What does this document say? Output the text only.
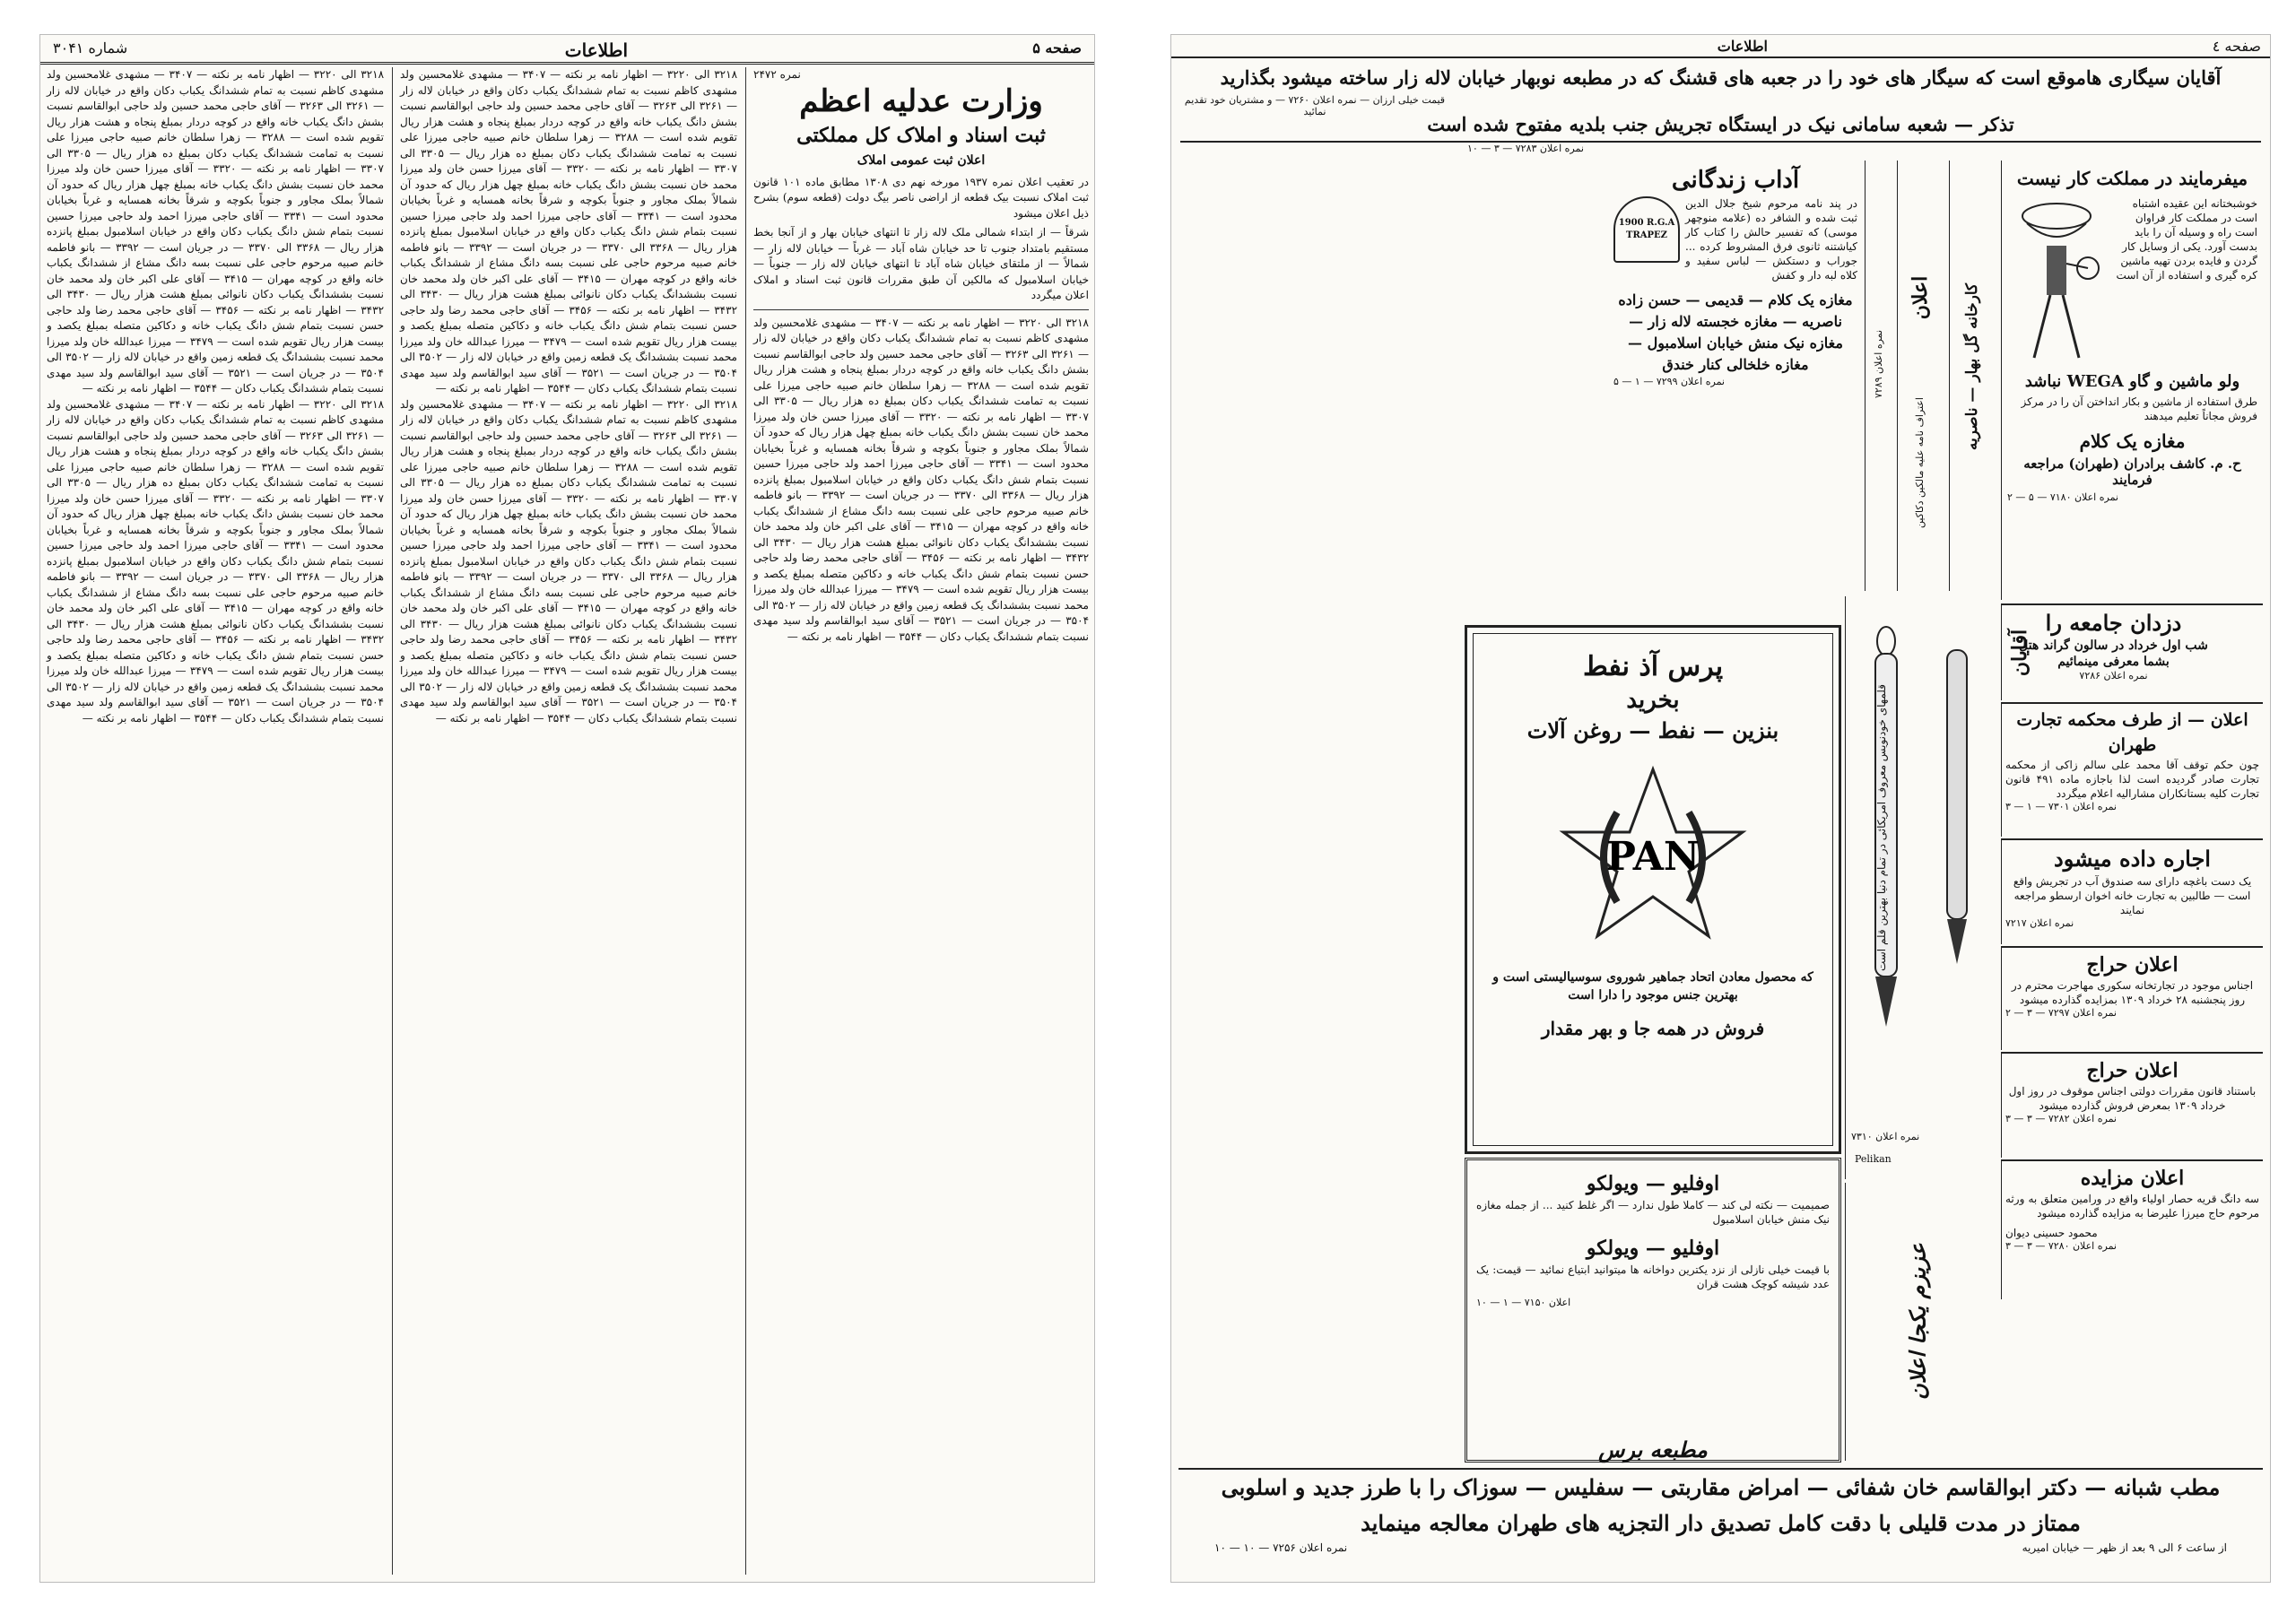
صفحه ۵
اطلاعات
شماره ۳۰۴۱
نمره ۲۴۷۲
وزارت عدلیه اعظم
ثبت اسناد و املاک کل مملکتی
اعلان ثبت عمومی املاک
در تعقیب اعلان نمره ۱۹۳۷ مورخه نهم دی ۱۳۰۸ مطابق ماده ۱۰۱ قانون ثبت املاک نسبت بیک قطعه از اراضی ناصر بیگ دولت (قطعه سوم) بشرح ذیل اعلان میشود
شرقاً — از ابتداء شمالی ملک لاله زار تا انتهای خیابان بهار و از آنجا بخط مستقیم بامتداد جنوب تا حد خیابان شاه آباد — غرباً — خیابان لاله زار — شمالاً — از ملتقای خیابان شاه آباد تا انتهای خیابان لاله زار — جنوباً — خیابان اسلامبول که مالکین آن طبق مقررات قانون ثبت اسناد و املاک اعلان میگردد
۳۲۱۸ الی ۳۲۲۰ — اظهار نامه بر نکته — ۳۴۰۷ — مشهدی غلامحسین ولد مشهدی کاظم نسبت به تمام ششدانگ یکباب دکان واقع در خیابان لاله زار — ۳۲۶۱ الی ۳۲۶۳ — آقای حاجی محمد حسین ولد حاجی ابوالقاسم نسبت بشش دانگ یکباب خانه واقع در کوچه دردار بمبلغ پنجاه و هشت هزار ریال تقویم شده است — ۳۲۸۸ — زهرا سلطان خانم صبیه حاجی میرزا علی نسبت به تمامت ششدانگ یکباب دکان بمبلغ ده هزار ریال — ۳۳۰۵ الی ۳۳۰۷ — اظهار نامه بر نکته — ۳۳۲۰ — آقای میرزا حسن خان ولد میرزا محمد خان نسبت بشش دانگ یکباب خانه بمبلغ چهل هزار ریال که حدود آن شمالاً بملک مجاور و جنوباً بکوچه و شرقاً بخانه همسایه و غرباً بخیابان محدود است — ۳۳۴۱ — آقای حاجی میرزا احمد ولد حاجی میرزا حسین نسبت بتمام شش دانگ یکباب دکان واقع در خیابان اسلامبول بمبلغ پانزده هزار ریال — ۳۳۶۸ الی ۳۳۷۰ — در جریان است — ۳۳۹۲ — بانو فاطمه خانم صبیه مرحوم حاجی علی نسبت بسه دانگ مشاع از ششدانگ یکباب خانه واقع در کوچه مهران — ۳۴۱۵ — آقای علی اکبر خان ولد محمد خان نسبت بششدانگ یکباب دکان نانوائی بمبلغ هشت هزار ریال — ۳۴۳۰ الی ۳۴۳۲ — اظهار نامه بر نکته — ۳۴۵۶ — آقای حاجی محمد رضا ولد حاجی حسن نسبت بتمام شش دانگ یکباب خانه و دکاکین متصله بمبلغ یکصد و بیست هزار ریال تقویم شده است — ۳۴۷۹ — میرزا عبدالله خان ولد میرزا محمد نسبت بششدانگ یک قطعه زمین واقع در خیابان لاله زار — ۳۵۰۲ الی ۳۵۰۴ — در جریان است — ۳۵۲۱ — آقای سید ابوالقاسم ولد سید مهدی نسبت بتمام ششدانگ یکباب دکان — ۳۵۴۴ — اظهار نامه بر نکته —
۳۲۱۸ الی ۳۲۲۰ — اظهار نامه بر نکته — ۳۴۰۷ — مشهدی غلامحسین ولد مشهدی کاظم نسبت به تمام ششدانگ یکباب دکان واقع در خیابان لاله زار — ۳۲۶۱ الی ۳۲۶۳ — آقای حاجی محمد حسین ولد حاجی ابوالقاسم نسبت بشش دانگ یکباب خانه واقع در کوچه دردار بمبلغ پنجاه و هشت هزار ریال تقویم شده است — ۳۲۸۸ — زهرا سلطان خانم صبیه حاجی میرزا علی نسبت به تمامت ششدانگ یکباب دکان بمبلغ ده هزار ریال — ۳۳۰۵ الی ۳۳۰۷ — اظهار نامه بر نکته — ۳۳۲۰ — آقای میرزا حسن خان ولد میرزا محمد خان نسبت بشش دانگ یکباب خانه بمبلغ چهل هزار ریال که حدود آن شمالاً بملک مجاور و جنوباً بکوچه و شرقاً بخانه همسایه و غرباً بخیابان محدود است — ۳۳۴۱ — آقای حاجی میرزا احمد ولد حاجی میرزا حسین نسبت بتمام شش دانگ یکباب دکان واقع در خیابان اسلامبول بمبلغ پانزده هزار ریال — ۳۳۶۸ الی ۳۳۷۰ — در جریان است — ۳۳۹۲ — بانو فاطمه خانم صبیه مرحوم حاجی علی نسبت بسه دانگ مشاع از ششدانگ یکباب خانه واقع در کوچه مهران — ۳۴۱۵ — آقای علی اکبر خان ولد محمد خان نسبت بششدانگ یکباب دکان نانوائی بمبلغ هشت هزار ریال — ۳۴۳۰ الی ۳۴۳۲ — اظهار نامه بر نکته — ۳۴۵۶ — آقای حاجی محمد رضا ولد حاجی حسن نسبت بتمام شش دانگ یکباب خانه و دکاکین متصله بمبلغ یکصد و بیست هزار ریال تقویم شده است — ۳۴۷۹ — میرزا عبدالله خان ولد میرزا محمد نسبت بششدانگ یک قطعه زمین واقع در خیابان لاله زار — ۳۵۰۲ الی ۳۵۰۴ — در جریان است — ۳۵۲۱ — آقای سید ابوالقاسم ولد سید مهدی نسبت بتمام ششدانگ یکباب دکان — ۳۵۴۴ — اظهار نامه بر نکته —
۳۲۱۸ الی ۳۲۲۰ — اظهار نامه بر نکته — ۳۴۰۷ — مشهدی غلامحسین ولد مشهدی کاظم نسبت به تمام ششدانگ یکباب دکان واقع در خیابان لاله زار — ۳۲۶۱ الی ۳۲۶۳ — آقای حاجی محمد حسین ولد حاجی ابوالقاسم نسبت بشش دانگ یکباب خانه واقع در کوچه دردار بمبلغ پنجاه و هشت هزار ریال تقویم شده است — ۳۲۸۸ — زهرا سلطان خانم صبیه حاجی میرزا علی نسبت به تمامت ششدانگ یکباب دکان بمبلغ ده هزار ریال — ۳۳۰۵ الی ۳۳۰۷ — اظهار نامه بر نکته — ۳۳۲۰ — آقای میرزا حسن خان ولد میرزا محمد خان نسبت بشش دانگ یکباب خانه بمبلغ چهل هزار ریال که حدود آن شمالاً بملک مجاور و جنوباً بکوچه و شرقاً بخانه همسایه و غرباً بخیابان محدود است — ۳۳۴۱ — آقای حاجی میرزا احمد ولد حاجی میرزا حسین نسبت بتمام شش دانگ یکباب دکان واقع در خیابان اسلامبول بمبلغ پانزده هزار ریال — ۳۳۶۸ الی ۳۳۷۰ — در جریان است — ۳۳۹۲ — بانو فاطمه خانم صبیه مرحوم حاجی علی نسبت بسه دانگ مشاع از ششدانگ یکباب خانه واقع در کوچه مهران — ۳۴۱۵ — آقای علی اکبر خان ولد محمد خان نسبت بششدانگ یکباب دکان نانوائی بمبلغ هشت هزار ریال — ۳۴۳۰ الی ۳۴۳۲ — اظهار نامه بر نکته — ۳۴۵۶ — آقای حاجی محمد رضا ولد حاجی حسن نسبت بتمام شش دانگ یکباب خانه و دکاکین متصله بمبلغ یکصد و بیست هزار ریال تقویم شده است — ۳۴۷۹ — میرزا عبدالله خان ولد میرزا محمد نسبت بششدانگ یک قطعه زمین واقع در خیابان لاله زار — ۳۵۰۲ الی ۳۵۰۴ — در جریان است — ۳۵۲۱ — آقای سید ابوالقاسم ولد سید مهدی نسبت بتمام ششدانگ یکباب دکان — ۳۵۴۴ — اظهار نامه بر نکته —
۳۲۱۸ الی ۳۲۲۰ — اظهار نامه بر نکته — ۳۴۰۷ — مشهدی غلامحسین ولد مشهدی کاظم نسبت به تمام ششدانگ یکباب دکان واقع در خیابان لاله زار — ۳۲۶۱ الی ۳۲۶۳ — آقای حاجی محمد حسین ولد حاجی ابوالقاسم نسبت بشش دانگ یکباب خانه واقع در کوچه دردار بمبلغ پنجاه و هشت هزار ریال تقویم شده است — ۳۲۸۸ — زهرا سلطان خانم صبیه حاجی میرزا علی نسبت به تمامت ششدانگ یکباب دکان بمبلغ ده هزار ریال — ۳۳۰۵ الی ۳۳۰۷ — اظهار نامه بر نکته — ۳۳۲۰ — آقای میرزا حسن خان ولد میرزا محمد خان نسبت بشش دانگ یکباب خانه بمبلغ چهل هزار ریال که حدود آن شمالاً بملک مجاور و جنوباً بکوچه و شرقاً بخانه همسایه و غرباً بخیابان محدود است — ۳۳۴۱ — آقای حاجی میرزا احمد ولد حاجی میرزا حسین نسبت بتمام شش دانگ یکباب دکان واقع در خیابان اسلامبول بمبلغ پانزده هزار ریال — ۳۳۶۸ الی ۳۳۷۰ — در جریان است — ۳۳۹۲ — بانو فاطمه خانم صبیه مرحوم حاجی علی نسبت بسه دانگ مشاع از ششدانگ یکباب خانه واقع در کوچه مهران — ۳۴۱۵ — آقای علی اکبر خان ولد محمد خان نسبت بششدانگ یکباب دکان نانوائی بمبلغ هشت هزار ریال — ۳۴۳۰ الی ۳۴۳۲ — اظهار نامه بر نکته — ۳۴۵۶ — آقای حاجی محمد رضا ولد حاجی حسن نسبت بتمام شش دانگ یکباب خانه و دکاکین متصله بمبلغ یکصد و بیست هزار ریال تقویم شده است — ۳۴۷۹ — میرزا عبدالله خان ولد میرزا محمد نسبت بششدانگ یک قطعه زمین واقع در خیابان لاله زار — ۳۵۰۲ الی ۳۵۰۴ — در جریان است — ۳۵۲۱ — آقای سید ابوالقاسم ولد سید مهدی نسبت بتمام ششدانگ یکباب دکان — ۳۵۴۴ — اظهار نامه بر نکته —
۳۲۱۸ الی ۳۲۲۰ — اظهار نامه بر نکته — ۳۴۰۷ — مشهدی غلامحسین ولد مشهدی کاظم نسبت به تمام ششدانگ یکباب دکان واقع در خیابان لاله زار — ۳۲۶۱ الی ۳۲۶۳ — آقای حاجی محمد حسین ولد حاجی ابوالقاسم نسبت بشش دانگ یکباب خانه واقع در کوچه دردار بمبلغ پنجاه و هشت هزار ریال تقویم شده است — ۳۲۸۸ — زهرا سلطان خانم صبیه حاجی میرزا علی نسبت به تمامت ششدانگ یکباب دکان بمبلغ ده هزار ریال — ۳۳۰۵ الی ۳۳۰۷ — اظهار نامه بر نکته — ۳۳۲۰ — آقای میرزا حسن خان ولد میرزا محمد خان نسبت بشش دانگ یکباب خانه بمبلغ چهل هزار ریال که حدود آن شمالاً بملک مجاور و جنوباً بکوچه و شرقاً بخانه همسایه و غرباً بخیابان محدود است — ۳۳۴۱ — آقای حاجی میرزا احمد ولد حاجی میرزا حسین نسبت بتمام شش دانگ یکباب دکان واقع در خیابان اسلامبول بمبلغ پانزده هزار ریال — ۳۳۶۸ الی ۳۳۷۰ — در جریان است — ۳۳۹۲ — بانو فاطمه خانم صبیه مرحوم حاجی علی نسبت بسه دانگ مشاع از ششدانگ یکباب خانه واقع در کوچه مهران — ۳۴۱۵ — آقای علی اکبر خان ولد محمد خان نسبت بششدانگ یکباب دکان نانوائی بمبلغ هشت هزار ریال — ۳۴۳۰ الی ۳۴۳۲ — اظهار نامه بر نکته — ۳۴۵۶ — آقای حاجی محمد رضا ولد حاجی حسن نسبت بتمام شش دانگ یکباب خانه و دکاکین متصله بمبلغ یکصد و بیست هزار ریال تقویم شده است — ۳۴۷۹ — میرزا عبدالله خان ولد میرزا محمد نسبت بششدانگ یک قطعه زمین واقع در خیابان لاله زار — ۳۵۰۲ الی ۳۵۰۴ — در جریان است — ۳۵۲۱ — آقای سید ابوالقاسم ولد سید مهدی نسبت بتمام ششدانگ یکباب دکان — ۳۵۴۴ — اظهار نامه بر نکته —
صفحه ٤
اطلاعات
آقایان سیگاری هاموقع است که سیگار های خود را در جعبه های قشنگ که در مطبعه نوبهار خیابان لاله زار ساخته میشود بگذارید
قیمت خیلی ارزان — نمره اعلان ۷۲۶۰ — و مشتریان خود تقدیم نمائید
تذکر — شعبه سامانی نیک در ایستگاه تجریش جنب بلدیه مفتوح شده است
نمره اعلان ۷۲۸۳ — ۳ — ۱۰
میفرمایند در مملکت کار نیست
خوشبختانه این عقیده اشتباه است در مملکت کار فراوان است راه و وسیله آن را باید بدست آورد. یکی از وسایل کار گردن و فایده بردن تهیه ماشین کره گیری و استفاده از آن است
ولو ماشین و گاو WEGA نباشد
طرق استفاده از ماشین و بکار انداختن آن را در مرکز فروش مجاناً تعلیم میدهند
مغازه یک کلام
ح. م. کاشف برادران (طهران) مراجعه فرمایند
نمره اعلان ۷۱۸۰ — ۵ — ۲
دزدان جامعه را
شب اول خرداد در سالون گراند هتل بشما معرفی مینمائیم
نمره اعلان ۷۲۸۶
آقایان
اعلان — از طرف محکمه تجارت طهران
چون حکم توقف آقا محمد علی سالم زاکی از محکمه تجارت صادر گردیده است لذا باجازه ماده ۴۹۱ قانون تجارت کلیه بستانکاران مشارالیه اعلام میگردد
نمره اعلان ۷۳۰۱ — ۱ — ۳
اجاره داده میشود
یک دست باغچه دارای سه صندوق آب در تجریش واقع است — طالبین به تجارت خانه اخوان ارسطو مراجعه نمایند
نمره اعلان ۷۲۱۷
اعلان حراج
اجناس موجود در تجارتخانه سکوری مهاجرت محترم در روز پنجشنبه ۲۸ خرداد ۱۳۰۹ بمزایده گذارده میشود
نمره اعلان ۷۲۹۷ — ۳ — ۲
اعلان حراج
باستناد قانون مقررات دولتی اجناس موقوف در روز اول خرداد ۱۳۰۹ بمعرض فروش گذارده میشود
نمره اعلان ۷۲۸۲ — ۳ — ۳
اعلان مزایده
سه دانگ قریه حصار اولیاء واقع در ورامین متعلق به ورثه مرحوم حاج میرزا علیرضا به مزایده گذارده میشود
محمود حسینی دیوان
نمره اعلان ۷۲۸۰ — ۳ — ۳
کارخانه گل بهار — ناصریه
اعلان
اعتراف نامه علیه مالکین دکاکین
نمره اعلان ۷۲۸۹
آداب زندگانی
در پند نامه مرحوم شیخ جلال الدین ثبت شده و الشافر ده (علامه منوچهر موسی) که تفسیر حالش را کتاب کار کیاشتنه ثانوی فرق المشروط کرده ... جوراب و دستکش — لباس سفید و کلاه لبه دار و کفش
1900 R.G.A TRAPEZ
مغازه یک کلام — قدیمی — حسن زاده ناصریه — مغازه خجسته لاله زار — مغازه نیک منش خیابان اسلامبول — مغازه خلخالی کنار خندق
نمره اعلان ۷۲۹۹ — ۱ — ۵
پرس آذ نفط
بخرید
بنزین — نفط — روغن آلات
PAN
که محصول معادن اتحاد جماهیر شوروی سوسیالیستی است و بهترین جنس موجود را دارا است
فروش در همه جا و بهر مقدار
قلمهای خودنویس معروف امریکائی در تمام دنیا بهترین قلم است
نمره اعلان ۷۳۱۰
Pelikan
اوفلیو — ویولکو
صمیمیت — نکته لی کند — کاملا طول ندارد — اگر غلط کنید ... از جمله مغازه نیک منش خیابان اسلامبول
اوفلیو — ویولکو
با قیمت خیلی نازلی از نزد یکترین دواخانه ها میتوانید ابتیاع نمائید — قیمت: یک عدد شیشه کوچک هشت قران
اعلان ۷۱۵۰ — ۱ — ۱۰	عزیزم یکجا اعلان
مطبعه برس
مطب شبانه — دکتر ابوالقاسم خان شفائی — امراض مقاربتی — سفلیس — سوزاک را با طرز جدید و اسلوبی
ممتاز در مدت قلیلی با دقت کامل تصدیق دار التجزیه های طهران معالجه مینماید
از ساعت ۶ الی ۹ بعد از ظهر — خیابان امیریه
نمره اعلان ۷۲۵۶ — ۱۰ — ۱۰
